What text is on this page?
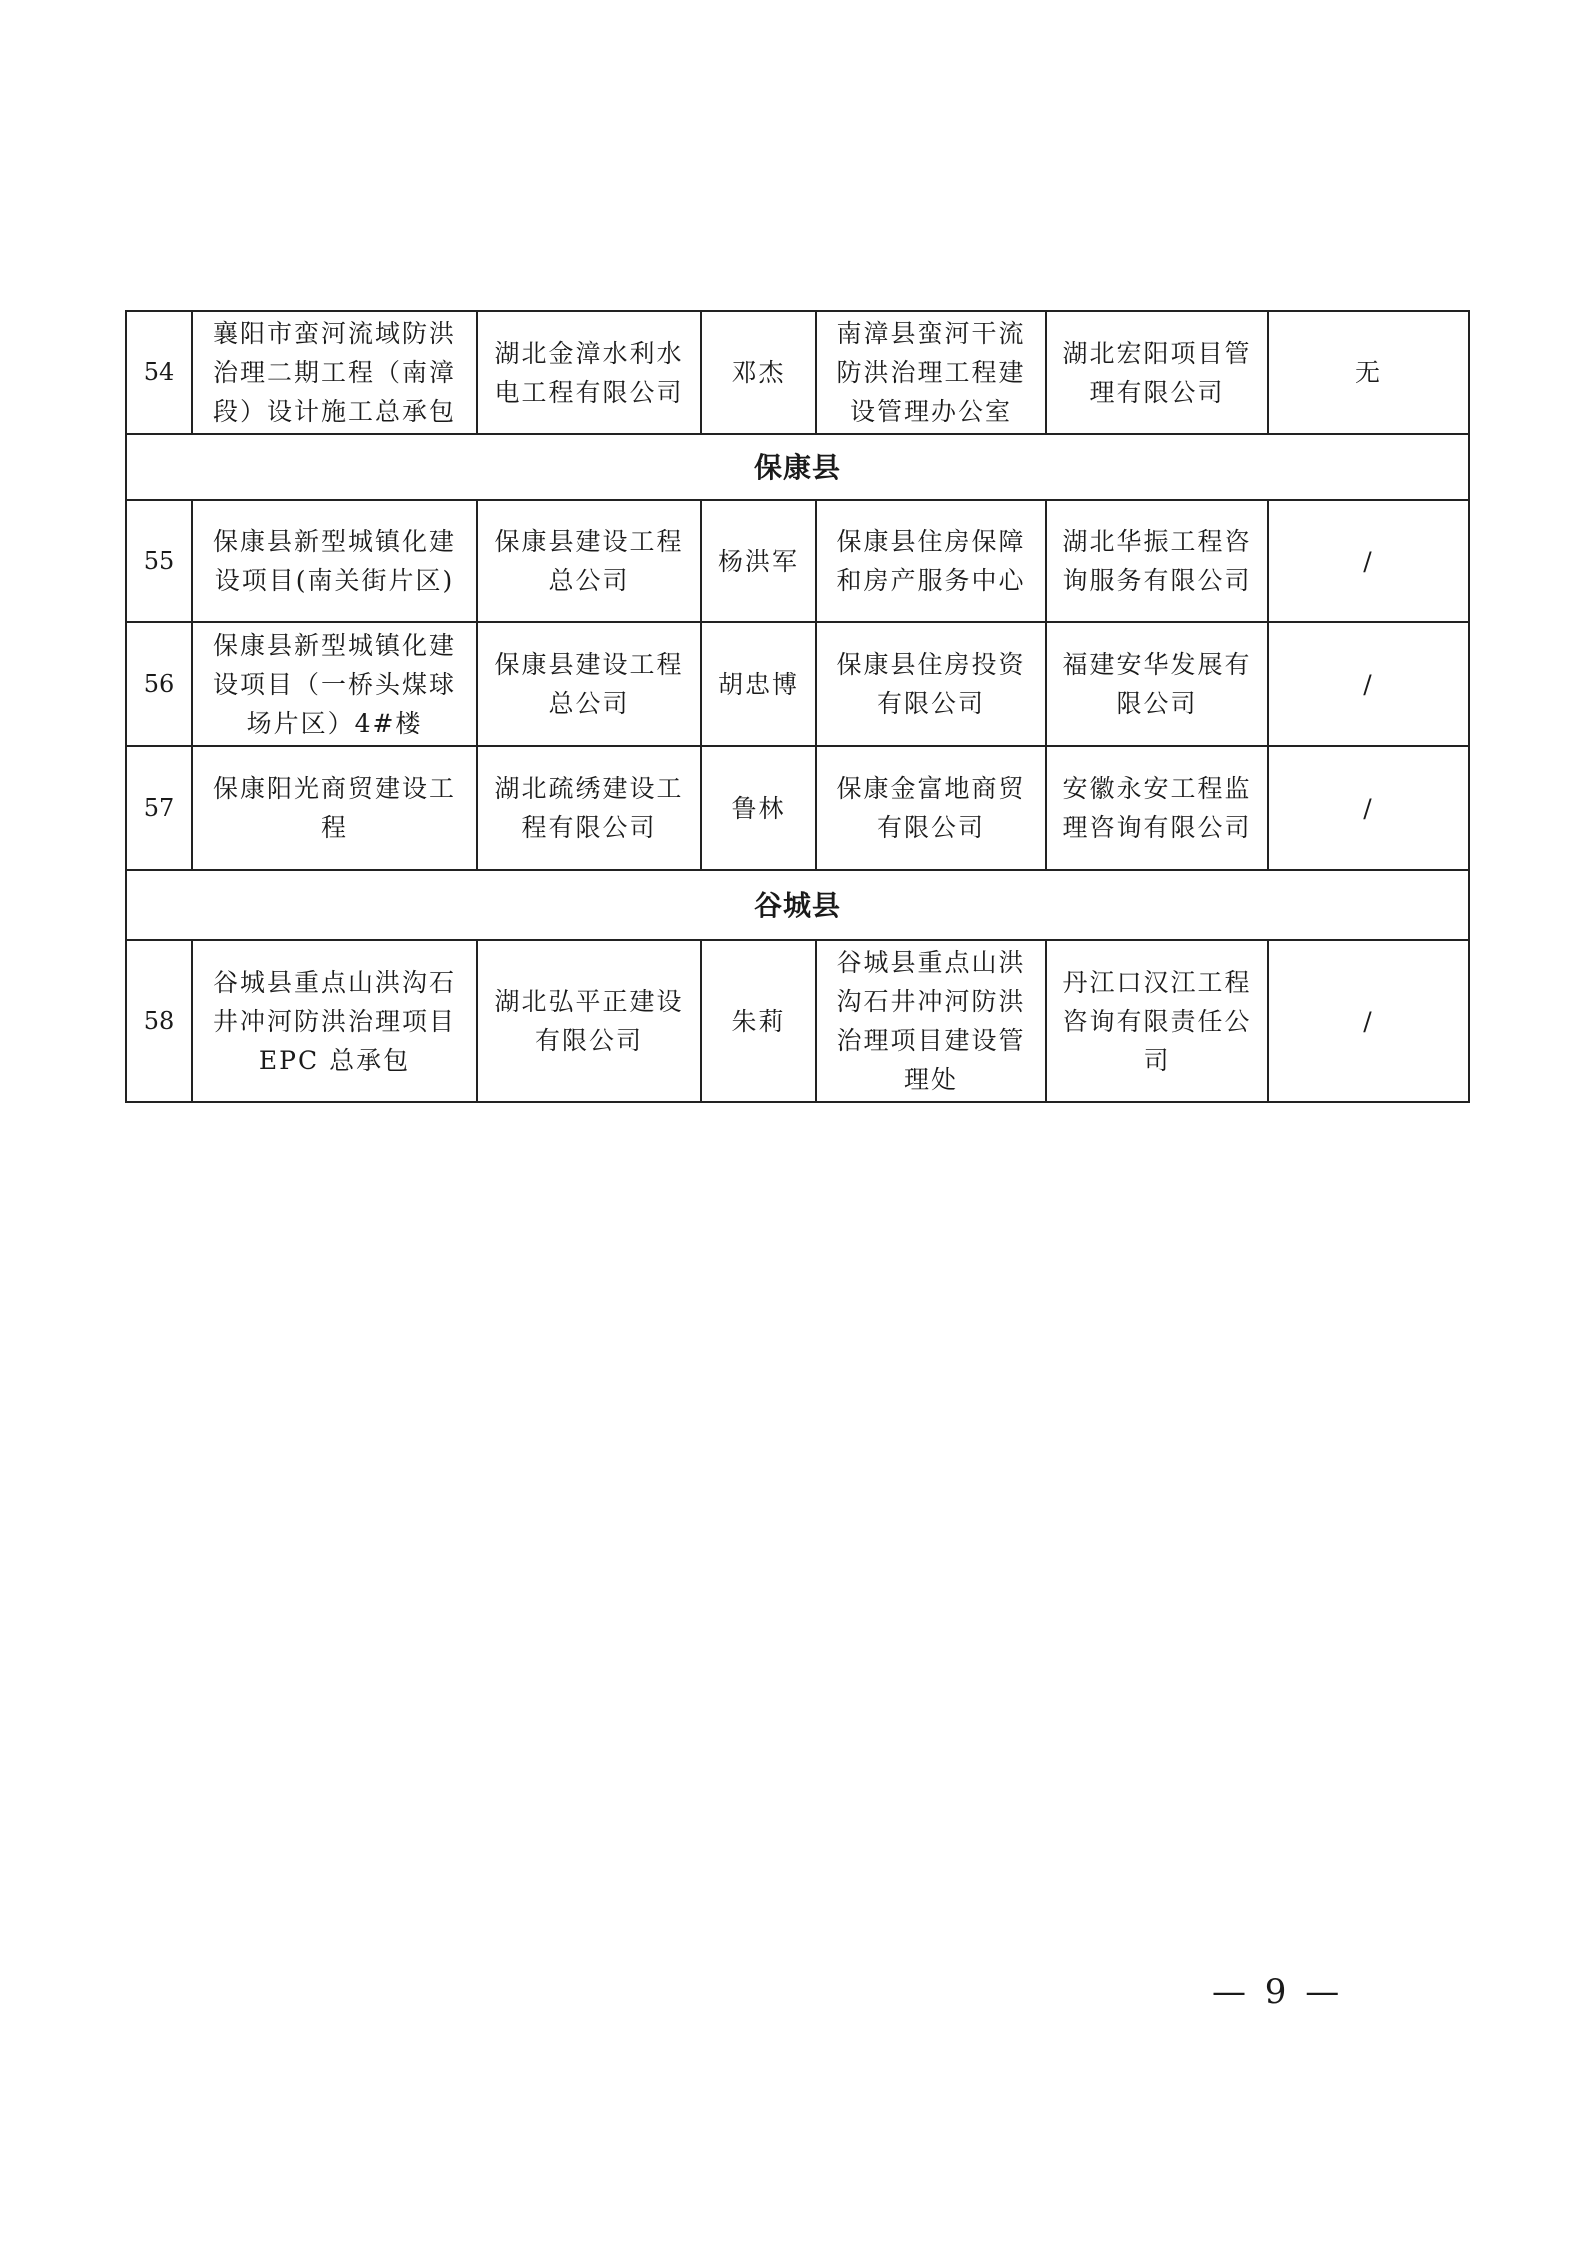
54	襄阳市蛮河流域防洪治理二期工程（南漳段）设计施工总承包	湖北金漳水利水电工程有限公司	邓杰	南漳县蛮河干流防洪治理工程建设管理办公室	湖北宏阳项目管理有限公司	无
保康县						
55	保康县新型城镇化建设项目(南关街片区)	保康县建设工程总公司	杨洪军	保康县住房保障和房产服务中心	湖北华振工程咨询服务有限公司	/
56	保康县新型城镇化建设项目（一桥头煤球场片区）4#楼	保康县建设工程总公司	胡忠博	保康县住房投资有限公司	福建安华发展有限公司	/
57	保康阳光商贸建设工程	湖北疏绣建设工程有限公司	鲁林	保康金富地商贸有限公司	安徽永安工程监理咨询有限公司	/
谷城县						
58	谷城县重点山洪沟石井冲河防洪治理项目 EPC 总承包	湖北弘平正建设有限公司	朱莉	谷城县重点山洪沟石井冲河防洪治理项目建设管理处	丹江口汉江工程咨询有限责任公司	/
— 9 —
